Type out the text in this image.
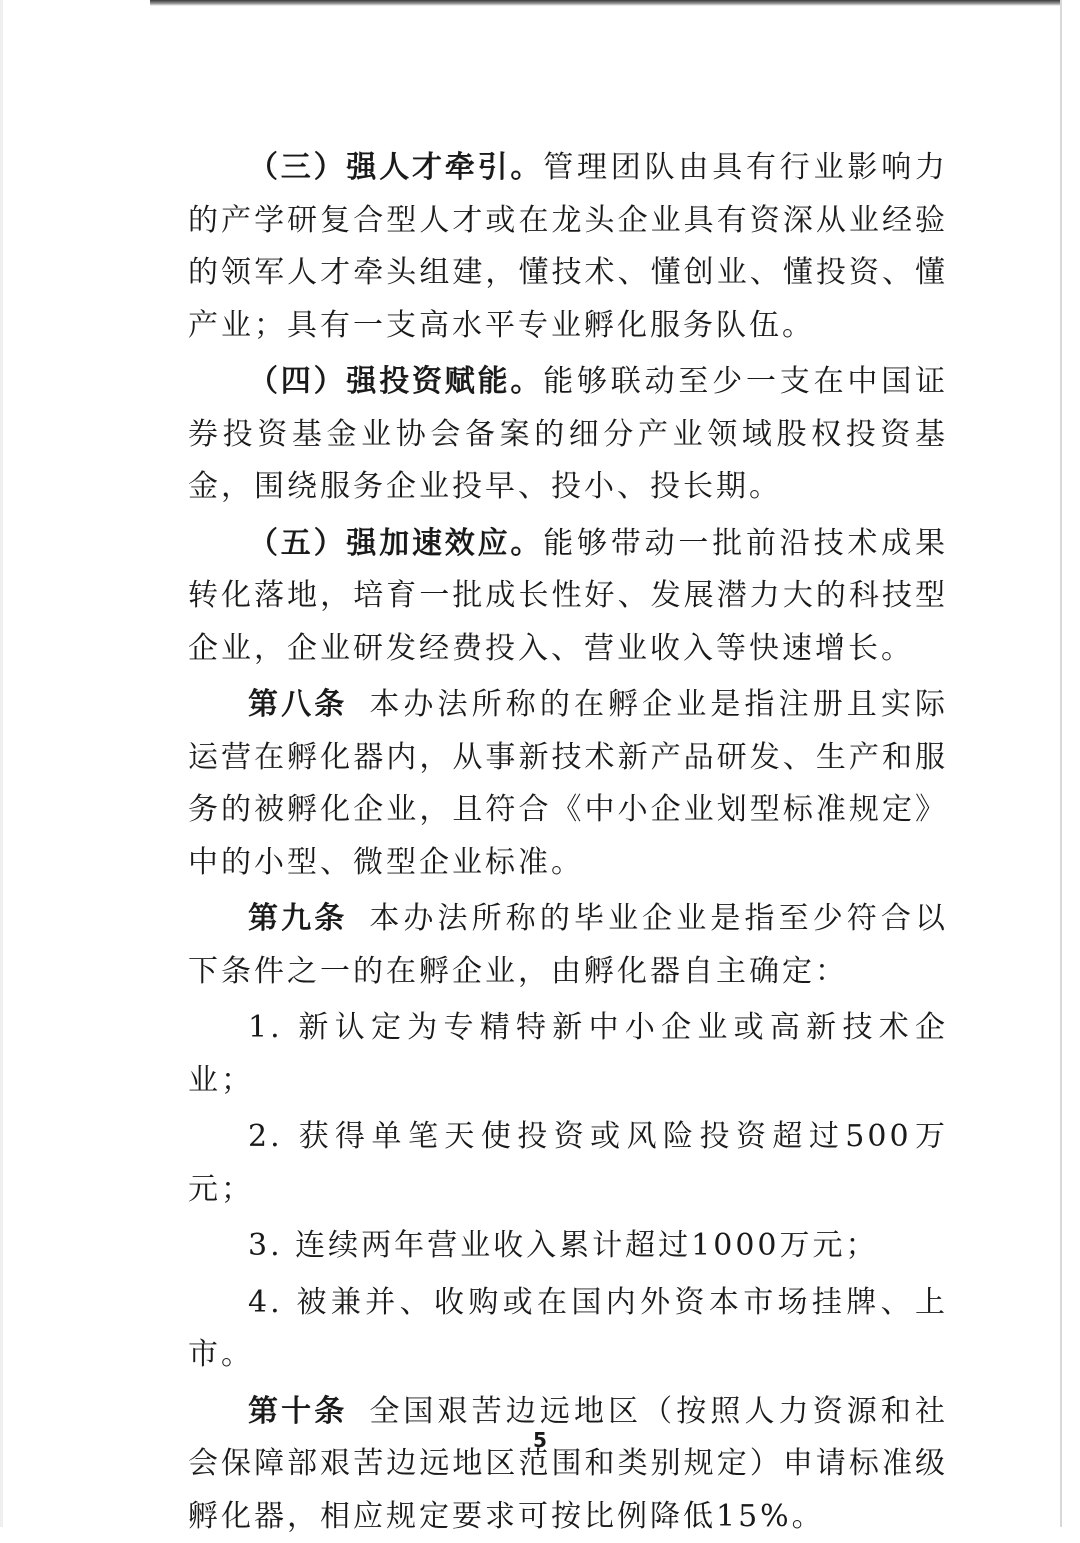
（三）强人才牵引。管理团队由具有行业影响力的产学研复合型人才或在龙头企业具有资深从业经验的领军人才牵头组建，懂技术、懂创业、懂投资、懂产业；具有一支高水平专业孵化服务队伍。

（四）强投资赋能。能够联动至少一支在中国证券投资基金业协会备案的细分产业领域股权投资基金，围绕服务企业投早、投小、投长期。

（五）强加速效应。能够带动一批前沿技术成果转化落地，培育一批成长性好、发展潜力大的科技型企业，企业研发经费投入、营业收入等快速增长。

第八条 本办法所称的在孵企业是指注册且实际运营在孵化器内，从事新技术新产品研发、生产和服务的被孵化企业，且符合《中小企业划型标准规定》中的小型、微型企业标准。

第九条 本办法所称的毕业企业是指至少符合以下条件之一的在孵企业，由孵化器自主确定：

1. 新认定为专精特新中小企业或高新技术企业；

2. 获得单笔天使投资或风险投资超过500万元；

3. 连续两年营业收入累计超过1000万元；

4. 被兼并、收购或在国内外资本市场挂牌、上市。

第十条 全国艰苦边远地区（按照人力资源和社会保障部艰苦边远地区范围和类别规定）申请标准级孵化器，相应规定要求可按比例降低15%。

5
